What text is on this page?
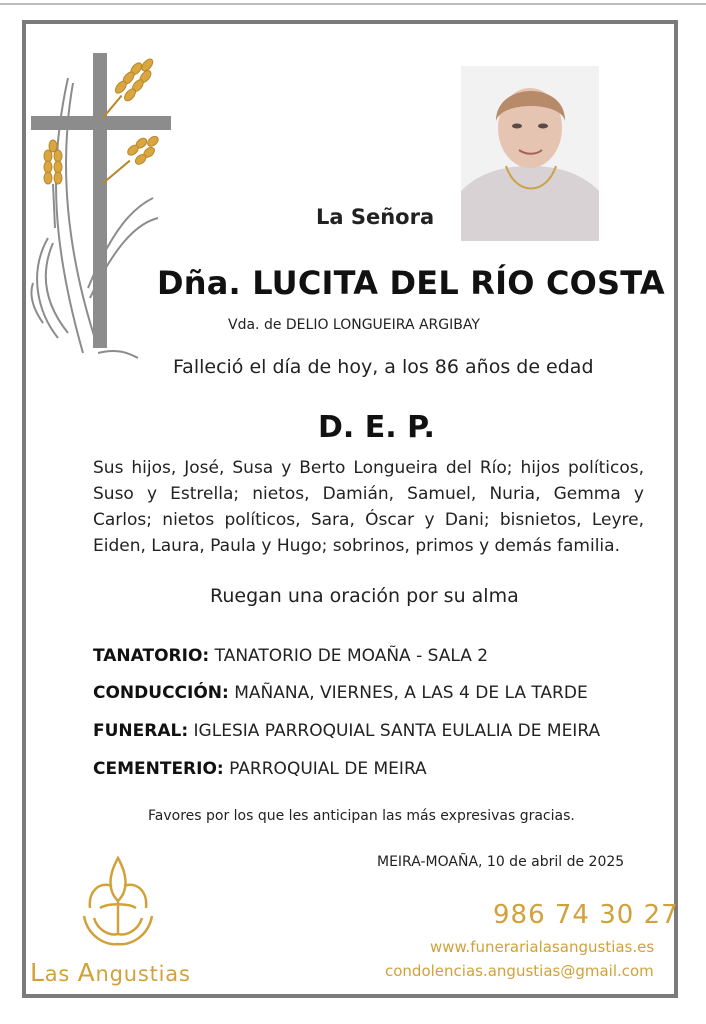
La Señora
Dña. LUCITA DEL RÍO COSTA
Vda. de DELIO LONGUEIRA ARGIBAY
Falleció el día de hoy, a los 86 años de edad
D. E. P.
Sus hijos, José, Susa y Berto Longueira del Río; hijos políticos, Suso y Estrella; nietos, Damián, Samuel, Nuria, Gemma y Carlos; nietos políticos, Sara, Óscar y Dani; bisnietos, Leyre, Eiden, Laura, Paula y Hugo; sobrinos, primos y demás familia.
Ruegan una oración por su alma
TANATORIO: TANATORIO DE MOAÑA - SALA 2
CONDUCCIÓN: MAÑANA, VIERNES, A LAS 4 DE LA TARDE
FUNERAL: IGLESIA PARROQUIAL SANTA EULALIA DE MEIRA
CEMENTERIO: PARROQUIAL DE MEIRA
Favores por los que les anticipan las más expresivas gracias.
MEIRA-MOAÑA, 10 de abril de 2025
Las Angustias
986 74 30 27
www.funerarialasangustias.es
condolencias.angustias@gmail.com
